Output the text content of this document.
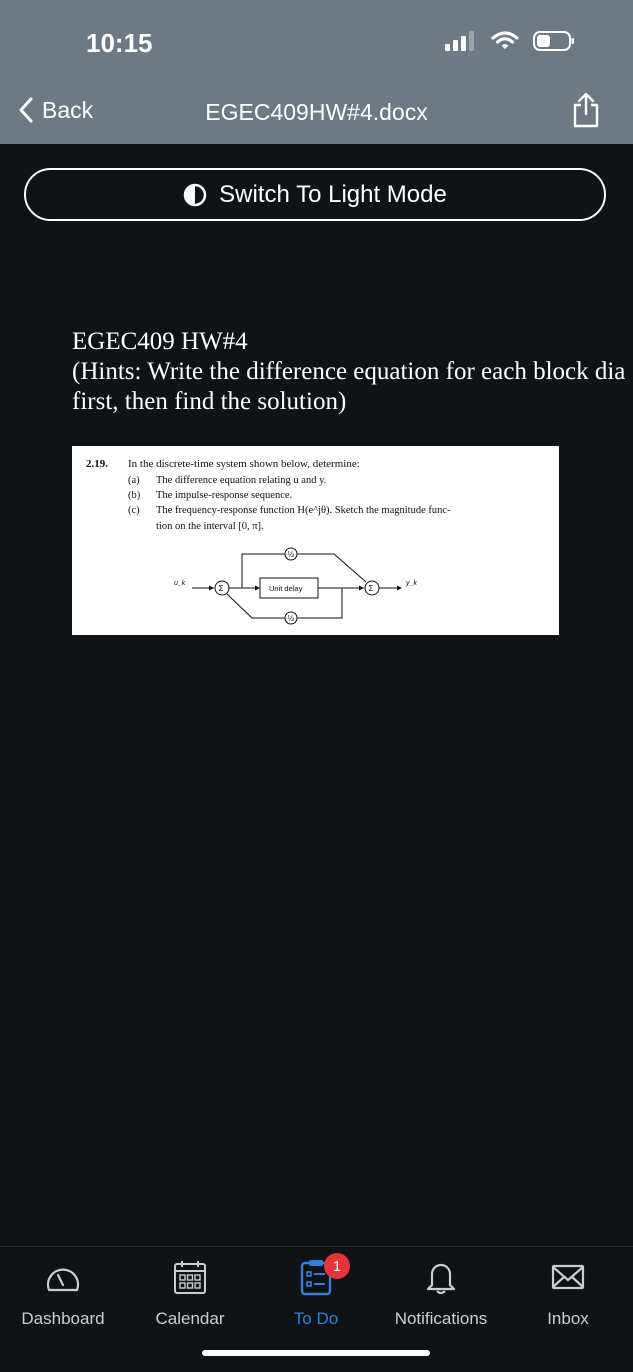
10:15
Back	EGEC409HW#4.docx
Switch To Light Mode
EGEC409 HW#4
(Hints: Write the difference equation for each block dia
first, then find the solution)
2.19. In the discrete-time system shown below, determine:
(a) The difference equation relating u and y.
(b) The impulse-response sequence.
(c) The frequency-response function H(e^jθ). Sketch the magnitude func-
tion on the interval [0, π].
u_k
Σ	Unit delay	Σ
y_k
½
½
Dashboard	Calendar
1
To Do	Notifications	Inbox
